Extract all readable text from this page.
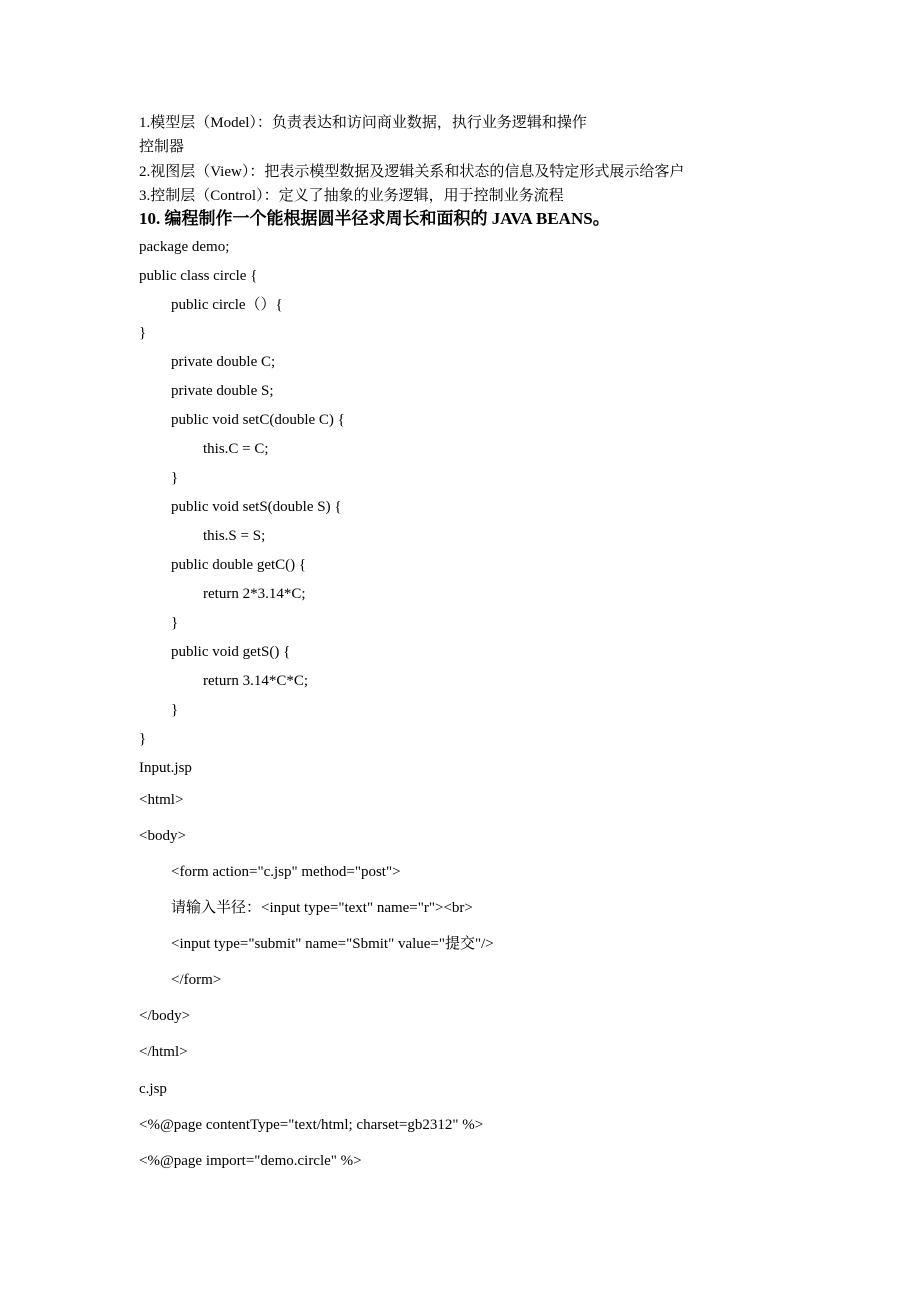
1.模型层（Model）：负责表达和访问商业数据，执行业务逻辑和操作
控制器
2.视图层（View）：把表示模型数据及逻辑关系和状态的信息及特定形式展示给客户
3.控制层（Control）：定义了抽象的业务逻辑，用于控制业务流程
10. 编程制作一个能根据圆半径求周长和面积的 JAVA BEANS。
package demo;
public class circle {
public circle（）{
}
private double C;
private double S;
public void setC(double C) {
this.C = C;
}
public void setS(double S) {
this.S = S;
public double getC() {
return 2*3.14*C;
}
public void getS() {
return 3.14*C*C;
}
}
Input.jsp
<html>
<body>
<form action="c.jsp" method="post">
请输入半径：<input type="text" name="r"><br>
<input type="submit" name="Sbmit" value="提交"/>
</form>
</body>
</html>
c.jsp
<%@page contentType="text/html; charset=gb2312" %>
<%@page import="demo.circle" %>
